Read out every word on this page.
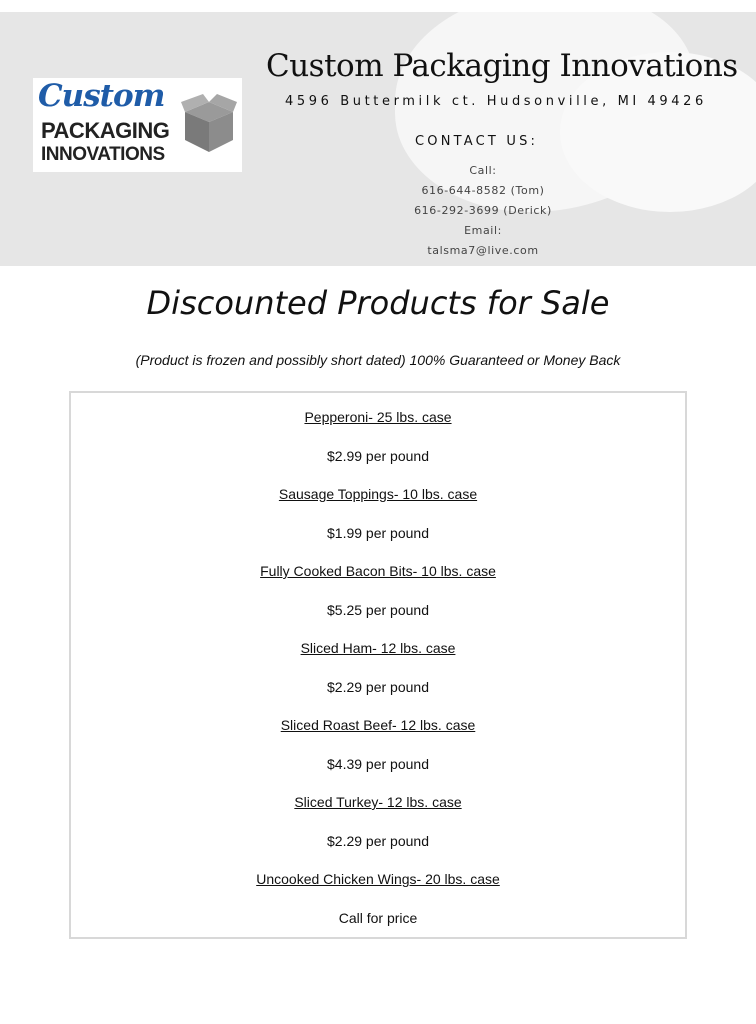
Custom
PACKAGING
INNOVATIONS
Custom Packaging Innovations
4596 Buttermilk ct. Hudsonville, MI 49426
CONTACT US:
Call:
616-644-8582 (Tom)
616-292-3699 (Derick)
Email:
talsma7@live.com
Discounted Products for Sale
(Product is frozen and possibly short dated) 100% Guaranteed or Money Back
Pepperoni- 25 lbs. case
$2.99 per pound
Sausage Toppings- 10 lbs. case
$1.99 per pound
Fully Cooked Bacon Bits- 10 lbs. case
$5.25 per pound
Sliced Ham- 12 lbs. case
$2.29 per pound
Sliced Roast Beef- 12 lbs. case
$4.39 per pound
Sliced Turkey- 12 lbs. case
$2.29 per pound
Uncooked Chicken Wings- 20 lbs. case
Call for price
